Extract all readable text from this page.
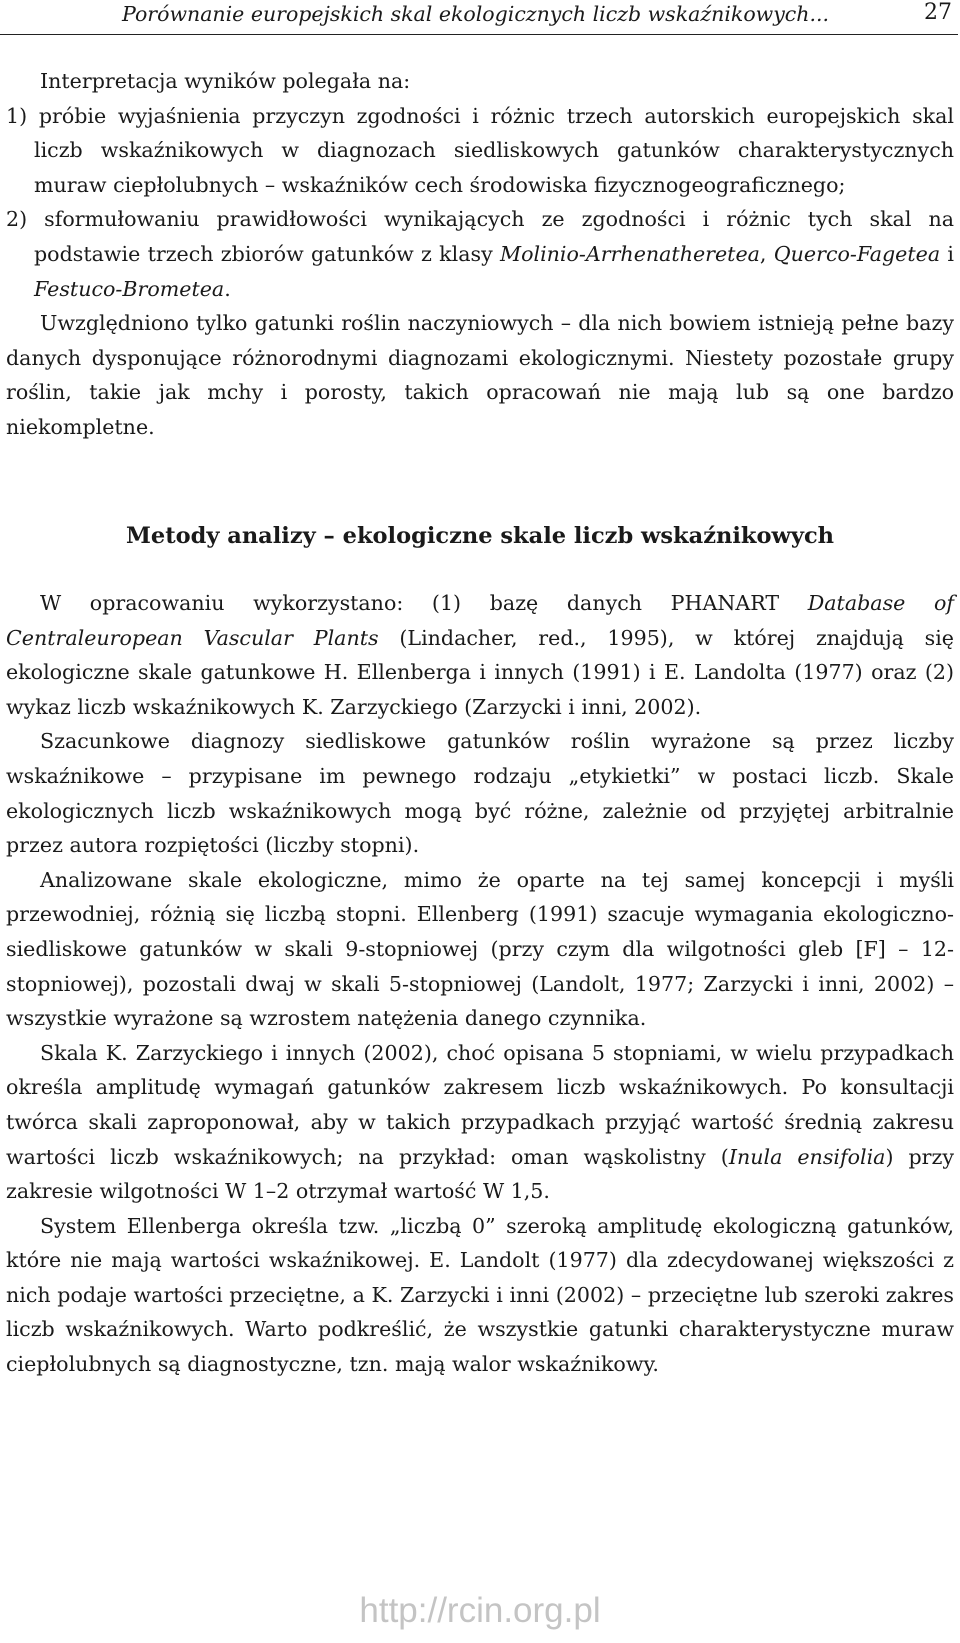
Porównanie europejskich skal ekologicznych liczb wskaźnikowych...	27

Interpretacja wyników polegała na:

1) próbie wyjaśnienia przyczyn zgodności i różnic trzech autorskich europejskich skal liczb wskaźnikowych w diagnozach siedliskowych gatunków charakterystycznych muraw ciepłolubnych – wskaźników cech środowiska fizycznogeograficznego;

2) sformułowaniu prawidłowości wynikających ze zgodności i różnic tych skal na podstawie trzech zbiorów gatunków z klasy Molinio-Arrhenatheretea, Querco-Fagetea i Festuco-Brometea.

Uwzględniono tylko gatunki roślin naczyniowych – dla nich bowiem istnieją pełne bazy danych dysponujące różnorodnymi diagnozami ekologicznymi. Niestety pozostałe grupy roślin, takie jak mchy i porosty, takich opracowań nie mają lub są one bardzo niekompletne.

Metody analizy – ekologiczne skale liczb wskaźnikowych

W opracowaniu wykorzystano: (1) bazę danych PHANART Database of Centraleuropean Vascular Plants (Lindacher, red., 1995), w której znajdują się ekologiczne skale gatunkowe H. Ellenberga i innych (1991) i E. Landolta (1977) oraz (2) wykaz liczb wskaźnikowych K. Zarzyckiego (Zarzycki i inni, 2002).

Szacunkowe diagnozy siedliskowe gatunków roślin wyrażone są przez liczby wskaźnikowe – przypisane im pewnego rodzaju „etykietki” w postaci liczb. Skale ekologicznych liczb wskaźnikowych mogą być różne, zależnie od przyjętej arbitralnie przez autora rozpiętości (liczby stopni).

Analizowane skale ekologiczne, mimo że oparte na tej samej koncepcji i myśli przewodniej, różnią się liczbą stopni. Ellenberg (1991) szacuje wymagania ekologiczno-siedliskowe gatunków w skali 9-stopniowej (przy czym dla wilgotności gleb [F] – 12-stopniowej), pozostali dwaj w skali 5-stopniowej (Landolt, 1977; Zarzycki i inni, 2002) – wszystkie wyrażone są wzrostem natężenia danego czynnika.

Skala K. Zarzyckiego i innych (2002), choć opisana 5 stopniami, w wielu przypadkach określa amplitudę wymagań gatunków zakresem liczb wskaźnikowych. Po konsultacji twórca skali zaproponował, aby w takich przypadkach przyjąć wartość średnią zakresu wartości liczb wskaźnikowych; na przykład: oman wąskolistny (Inula ensifolia) przy zakresie wilgotności W 1–2 otrzymał wartość W 1,5.

System Ellenberga określa tzw. „liczbą 0” szeroką amplitudę ekologiczną gatunków, które nie mają wartości wskaźnikowej. E. Landolt (1977) dla zdecydowanej większości z nich podaje wartości przeciętne, a K. Zarzycki i inni (2002) – przeciętne lub szeroki zakres liczb wskaźnikowych. Warto podkreślić, że wszystkie gatunki charakterystyczne muraw ciepłolubnych są diagnostyczne, tzn. mają walor wskaźnikowy.

http://rcin.org.pl
